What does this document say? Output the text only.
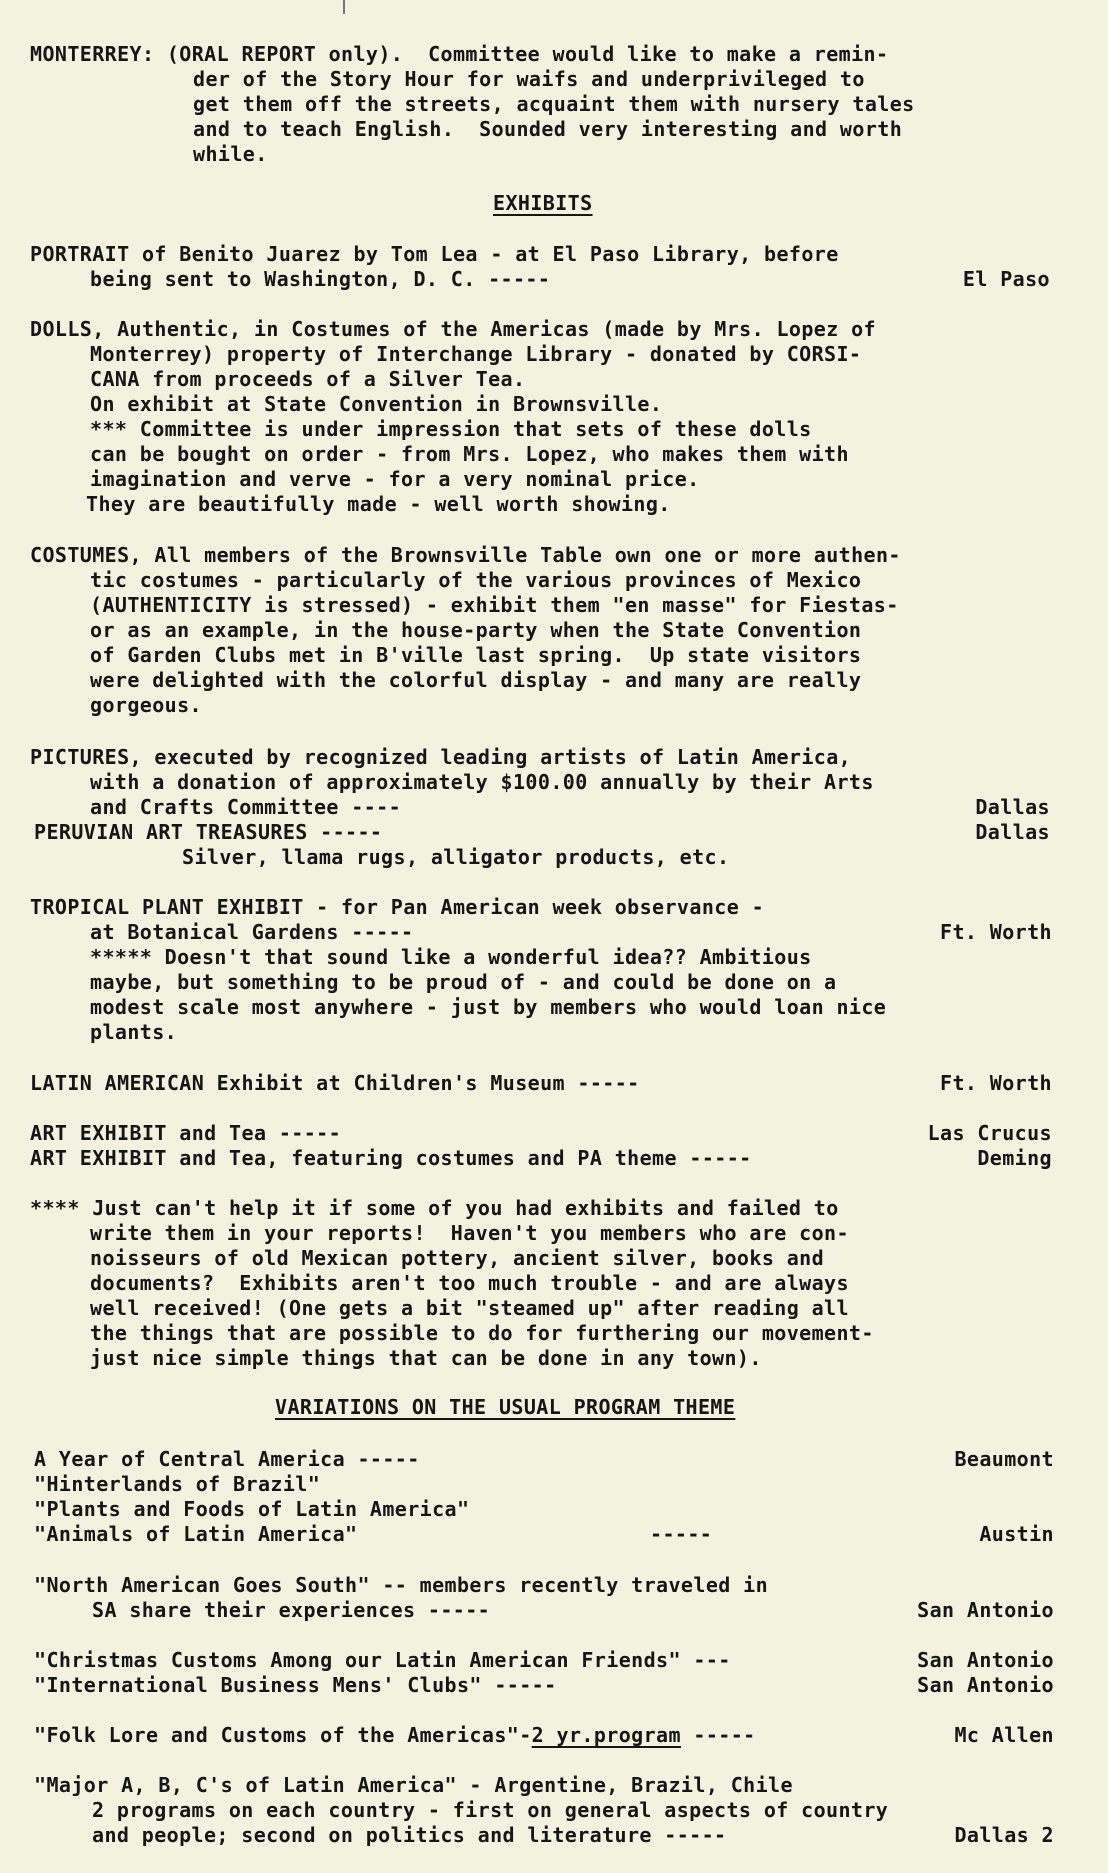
MONTERREY: (ORAL REPORT only).  Committee would like to make a remin-
der of the Story Hour for waifs and underprivileged to
get them off the streets, acquaint them with nursery tales
and to teach English.  Sounded very interesting and worth
while.
EXHIBITS
PORTRAIT of Benito Juarez by Tom Lea - at El Paso Library, before
being sent to Washington, D. C. -----	El Paso
DOLLS, Authentic, in Costumes of the Americas (made by Mrs. Lopez of
Monterrey) property of Interchange Library - donated by CORSI-
CANA from proceeds of a Silver Tea.
On exhibit at State Convention in Brownsville.
*** Committee is under impression that sets of these dolls
can be bought on order - from Mrs. Lopez, who makes them with
imagination and verve - for a very nominal price.
They are beautifully made - well worth showing.
COSTUMES, All members of the Brownsville Table own one or more authen-
tic costumes - particularly of the various provinces of Mexico
(AUTHENTICITY is stressed) - exhibit them "en masse" for Fiestas-
or as an example, in the house-party when the State Convention
of Garden Clubs met in B'ville last spring.  Up state visitors
were delighted with the colorful display - and many are really
gorgeous.
PICTURES, executed by recognized leading artists of Latin America,
with a donation of approximately $100.00 annually by their Arts
and Crafts Committee ----	Dallas
PERUVIAN ART TREASURES -----	Dallas
Silver, llama rugs, alligator products, etc.
TROPICAL PLANT EXHIBIT - for Pan American week observance -
at Botanical Gardens -----	Ft. Worth
***** Doesn't that sound like a wonderful idea?? Ambitious
maybe, but something to be proud of - and could be done on a
modest scale most anywhere - just by members who would loan nice
plants.
LATIN AMERICAN Exhibit at Children's Museum -----	Ft. Worth
ART EXHIBIT and Tea -----	Las Crucus
ART EXHIBIT and Tea, featuring costumes and PA theme -----	Deming
**** Just can't help it if some of you had exhibits and failed to
write them in your reports!  Haven't you members who are con-
noisseurs of old Mexican pottery, ancient silver, books and
documents?  Exhibits aren't too much trouble - and are always
well received! (One gets a bit "steamed up" after reading all
the things that are possible to do for furthering our movement-
just nice simple things that can be done in any town).
VARIATIONS ON THE USUAL PROGRAM THEME
A Year of Central America -----	Beaumont
"Hinterlands of Brazil"
"Plants and Foods of Latin America"
"Animals of Latin America"	-----	Austin
"North American Goes South" -- members recently traveled in
SA share their experiences -----	San Antonio
"Christmas Customs Among our Latin American Friends" ---	San Antonio
"International Business Mens' Clubs" -----	San Antonio
"Folk Lore and Customs of the Americas"-2 yr.program -----	Mc Allen
"Major A, B, C's of Latin America" - Argentine, Brazil, Chile
2 programs on each country - first on general aspects of country
and people; second on politics and literature -----	Dallas 2
